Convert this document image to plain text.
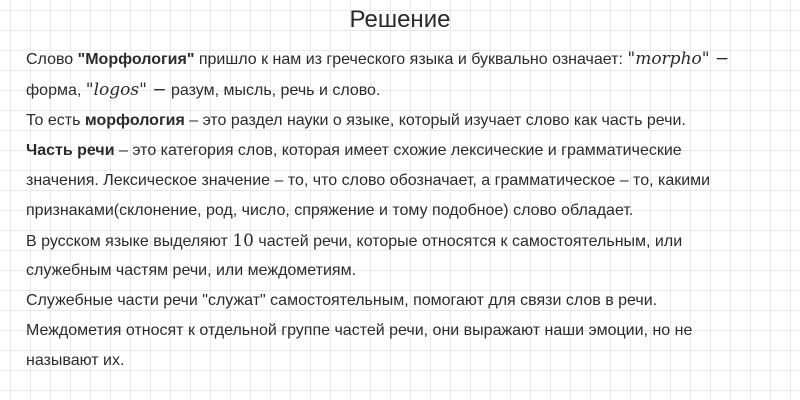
Решение
Слово "Морфология" пришло к нам из греческого языка и буквально означает: "morpho" −
форма, "logos" − разум, мысль, речь и слово.
То есть морфология – это раздел науки о языке, который изучает слово как часть речи.
Часть речи – это категория слов, которая имеет схожие лексические и грамматические
значения. Лексическое значение – то, что слово обозначает, а грамматическое – то, какими
признаками(склонение, род, число, спряжение и тому подобное) слово обладает.
В русском языке выделяют 10 частей речи, которые относятся к самостоятельным, или
служебным частям речи, или междометиям.
Служебные части речи "служат" самостоятельным, помогают для связи слов в речи.
Междометия относят к отдельной группе частей речи, они выражают наши эмоции, но не
называют их.
